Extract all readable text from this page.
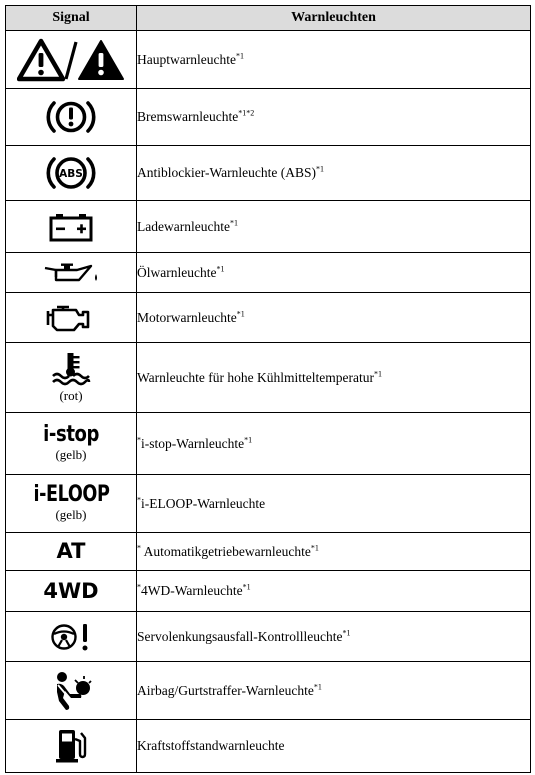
Signal	Warnleuchten

	Hauptwarnleuchte$^{*1}$

	Bremswarnleuchte$^{*1*2}$

ABS	Antiblockier-Warnleuchte (ABS)$^{*1}$

	Ladewarnleuchte$^{*1}$

	Ölwarnleuchte$^{*1}$

	Motorwarnleuchte$^{*1}$

(rot)	Warnleuchte für hohe Kühlmitteltemperatur$^{*1}$

i-stop
(gelb)	*i-stop-Warnleuchte$^{*1}$

i-ELOOP
(gelb)	*i-ELOOP-Warnleuchte

AT	* Automatikgetriebewarnleuchte$^{*1}$

4WD	*4WD-Warnleuchte$^{*1}$

	Servolenkungsausfall-Kontrollleuchte$^{*1}$

	Airbag/Gurtstraffer-Warnleuchte$^{*1}$

	Kraftstoffstandwarnleuchte
